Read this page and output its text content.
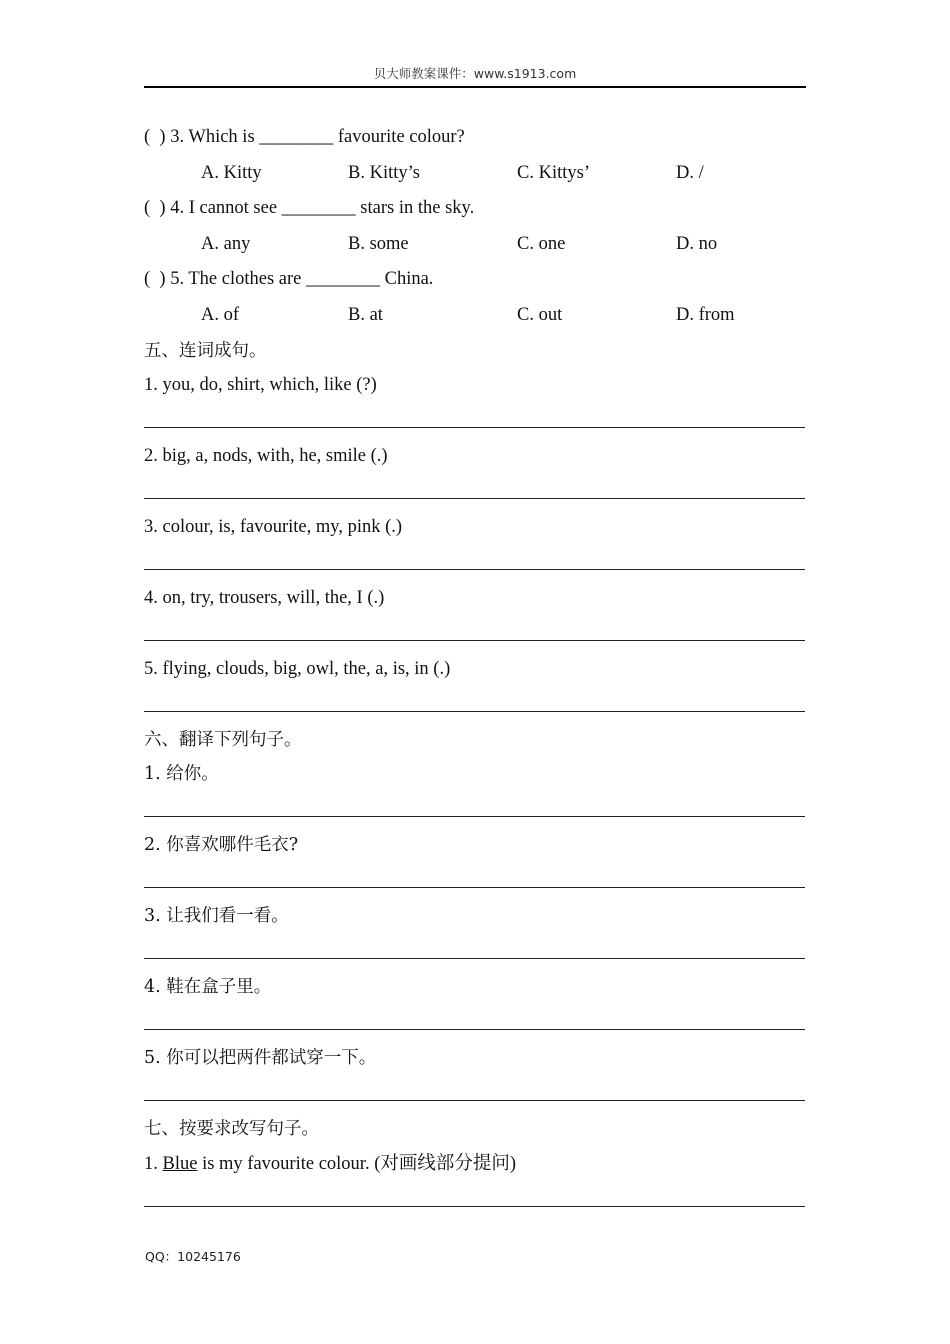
贝大师教案课件：www.s1913.com
(  ) 3. Which is ________ favourite colour?
A. Kitty	B. Kitty’s	C. Kittys’	D. /
(  ) 4. I cannot see ________ stars in the sky.
A. any	B. some	C. one	D. no
(  ) 5. The clothes are ________ China.
A. of	B. at	C. out	D. from
五、连词成句。
1. you, do, shirt, which, like (?)
2. big, a, nods, with, he, smile (.)
3. colour, is, favourite, my, pink (.)
4. on, try, trousers, will, the, I (.)
5. flying, clouds, big, owl, the, a, is, in (.)
六、翻译下列句子。
1. 给你。
2. 你喜欢哪件毛衣?
3. 让我们看一看。
4. 鞋在盒子里。
5. 你可以把两件都试穿一下。
七、按要求改写句子。
1. Blue is my favourite colour. (对画线部分提问)
QQ：10245176
